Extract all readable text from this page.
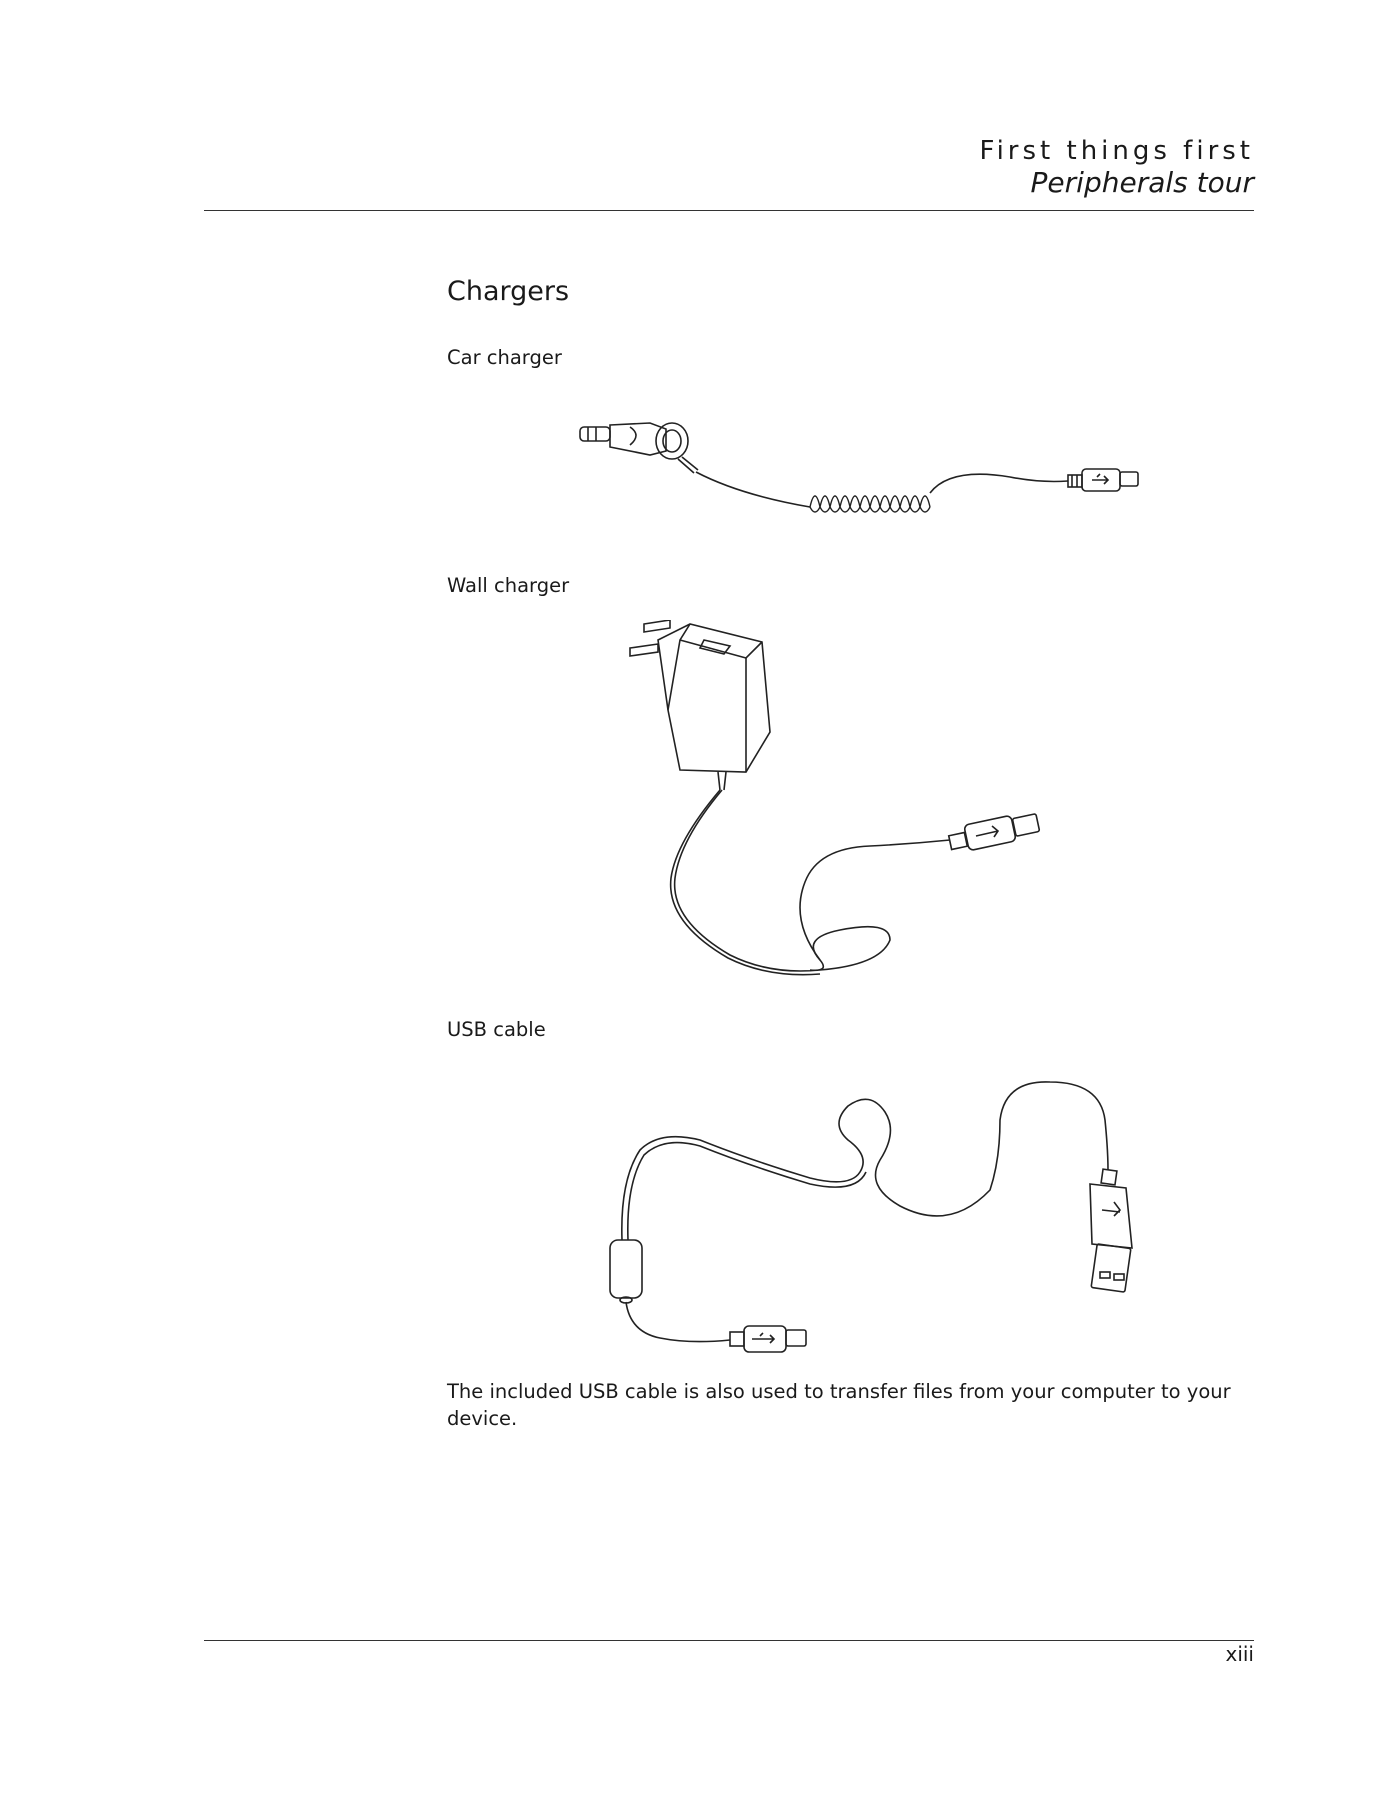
First things first
Peripherals tour
Chargers
Car charger
Wall charger
USB cable

The included USB cable is also used to transfer files from your computer to your device.

xiii
